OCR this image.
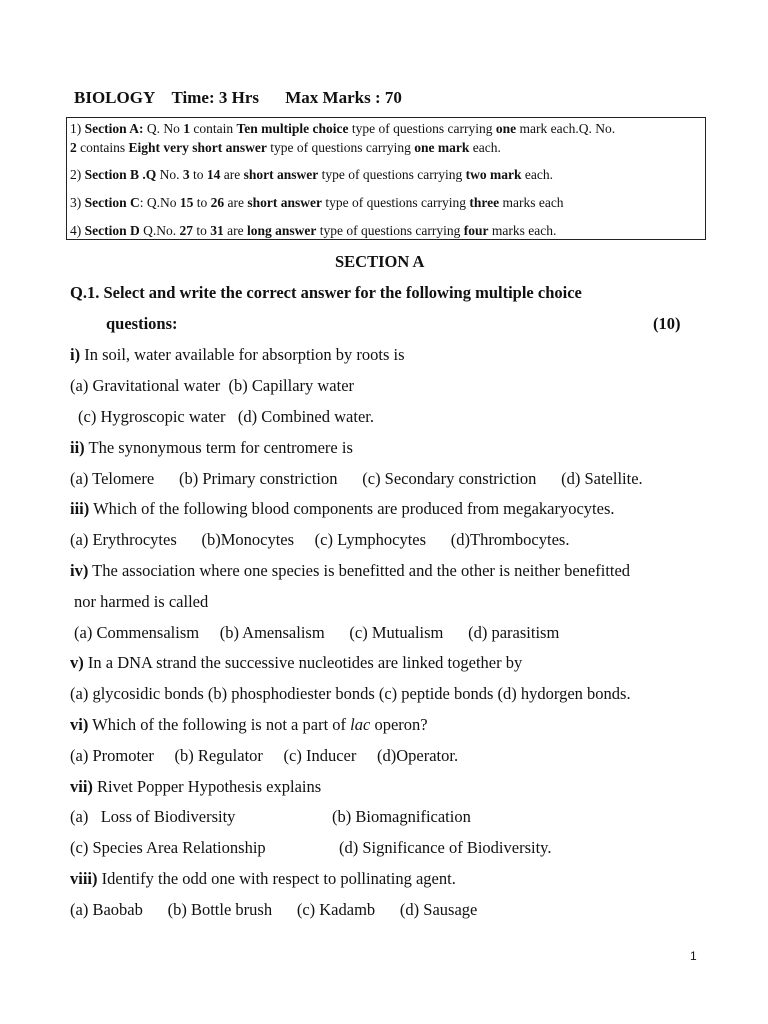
BIOLOGY Time: 3 Hrs Max Marks : 70
1) Section A: Q. No 1 contain Ten multiple choice type of questions carrying one mark each.Q. No.
2 contains Eight very short answer type of questions carrying one mark each.
2) Section B .Q No. 3 to 14 are short answer type of questions carrying two mark each.
3) Section C: Q.No 15 to 26 are short answer type of questions carrying three marks each
4) Section D Q.No. 27 to 31 are long answer type of questions carrying four marks each.
SECTION A
Q.1. Select and write the correct answer for the following multiple choice
questions:	(10)
i) In soil, water available for absorption by roots is
(a) Gravitational water  (b) Capillary water
(c) Hygroscopic water   (d) Combined water.
ii) The synonymous term for centromere is
(a) Telomere      (b) Primary constriction      (c) Secondary constriction      (d) Satellite.
iii) Which of the following blood components are produced from megakaryocytes.
(a) Erythrocytes      (b)Monocytes     (c) Lymphocytes      (d)Thrombocytes.
iv) The association where one species is benefitted and the other is neither benefitted
nor harmed is called
(a) Commensalism     (b) Amensalism      (c) Mutualism      (d) parasitism
v) In a DNA strand the successive nucleotides are linked together by
(a) glycosidic bonds (b) phosphodiester bonds (c) peptide bonds (d) hydorgen bonds.
vi) Which of the following is not a part of lac operon?
(a) Promoter     (b) Regulator     (c) Inducer     (d)Operator.
vii) Rivet Popper Hypothesis explains
(a)   Loss of Biodiversity
(c) Species Area Relationship
viii) Identify the odd one with respect to pollinating agent.
(a) Baobab      (b) Bottle brush      (c) Kadamb      (d) Sausage
(b) Biomagnification
(d) Significance of Biodiversity.
1
